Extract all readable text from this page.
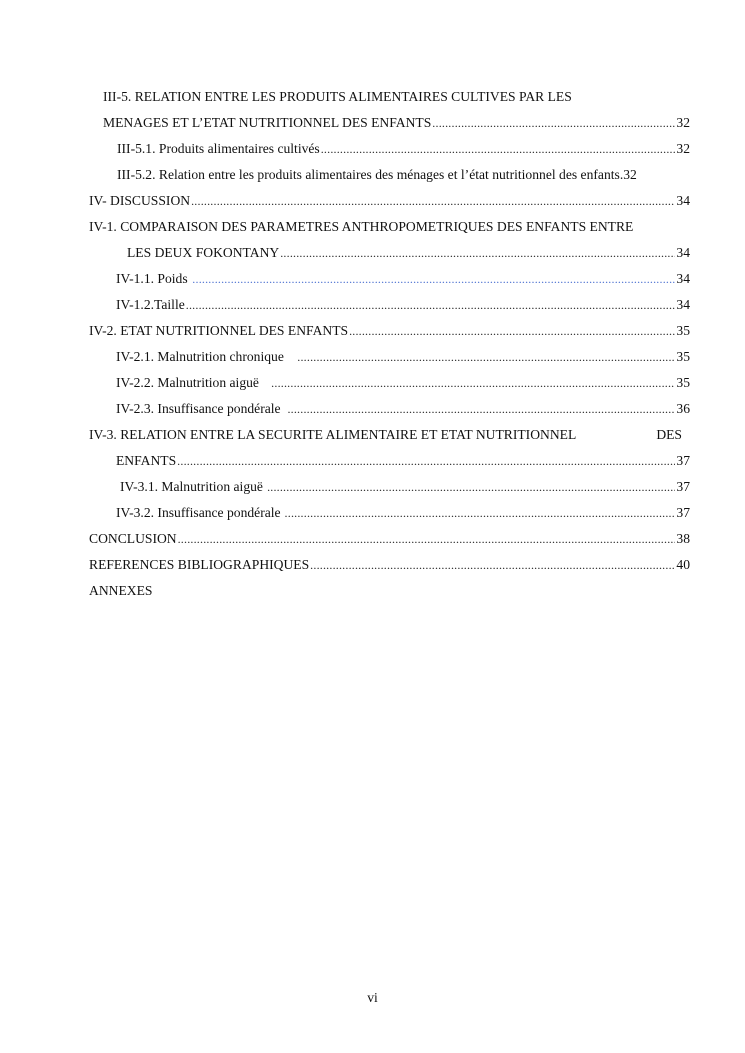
III-5. RELATION ENTRE LES PRODUITS ALIMENTAIRES CULTIVES PAR LES
MENAGES ET L’ETAT NUTRITIONNEL DES ENFANTS .....	32
III-5.1. Produits alimentaires cultivés .....	32
III-5.2. Relation entre les produits alimentaires des ménages et l’état nutritionnel des enfants .32
IV- DISCUSSION .....	34
IV-1. COMPARAISON DES PARAMETRES ANTHROPOMETRIQUES DES ENFANTS ENTRE
LES DEUX FOKONTANY .....	34
IV-1.1. Poids .....	34
IV-1.2.Taille .....	34
IV-2. ETAT NUTRITIONNEL DES ENFANTS .....	35
IV-2.1. Malnutrition chronique .....	35
IV-2.2. Malnutrition aiguë .....	35
IV-2.3. Insuffisance pondérale .....	36
IV-3. RELATION ENTRE LA SECURITE ALIMENTAIRE ET ETAT NUTRITIONNEL	DES
ENFANTS .....	37
IV-3.1. Malnutrition aiguë .....	37
IV-3.2. Insuffisance pondérale .....	37
CONCLUSION .....	38
REFERENCES BIBLIOGRAPHIQUES .....	40
ANNEXES
vi
